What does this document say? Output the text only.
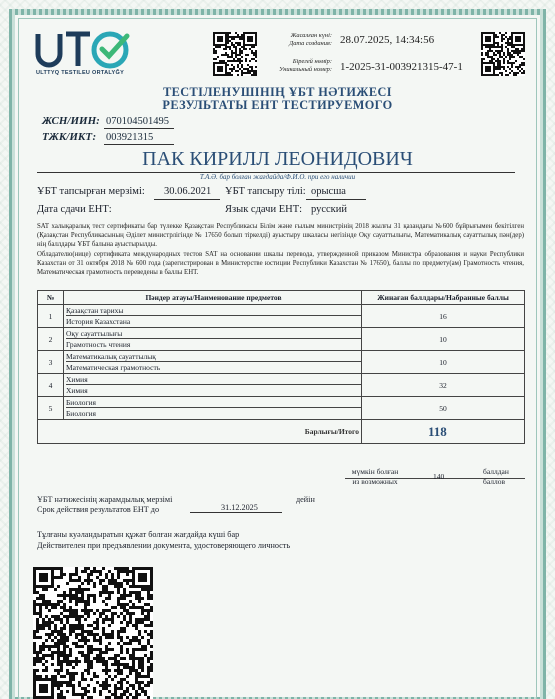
ULTTYQ TESTILEU ORTALYĞY
Жасалған күні:
Дата создания: 28.07.2025, 14:34:56
Бірегей нөмір:
Уникальный номер: 1-2025-31-003921315-47-1
ТЕСТІЛЕНУШІНІҢ ҰБТ НӘТИЖЕСІ
РЕЗУЛЬТАТЫ ЕНТ ТЕСТИРУЕМОГО
ЖСН/ИИН: 070104501495
ТЖК/ИКТ: 003921315
ПАК КИРИЛЛ ЛЕОНИДОВИЧ
Т.А.Ә. бар болған жағдайда/Ф.И.О. при его наличии
ҰБТ тапсырған мерзімі: 30.06.2021 ҰБТ тапсыру тілі: орысша
Дата сдачи ЕНТ:	Язык сдачи ЕНТ: русский
SAT халықаралық тест сертификаты бар түлекке Қазақстан Республикасы Білім және ғылым министрінің 2018 жылғы 31 қазандағы №600 бұйрығымен бекітілген (Қазақстан Республикасының Әділет министрлігінде № 17650 болып тіркелді) ауыстыру шкаласы негізінде Оқу сауаттылығы, Математикалық сауаттылық пән(дер) нің баллдары ҰБТ балына ауыстырылды.
Обладателю(нице) сертификата международных тестов SAT на основании шкалы перевода, утвержденной приказом Министра образования и науки Республики Казахстан от 31 октября 2018 № 600 года (зарегистрирован в Министерстве юстиции Республики Казахстан № 17650), баллы по предмету(ам) Грамотность чтения, Математическая грамотность переведены в баллы ЕНТ.
№	Пәндер атауы/Наименование предметов	Жинаған баллдары/Набранные баллы
1	Қазақстан тарихы
История Казахстана	16
2	Оқу сауаттылығы
Грамотность чтения	10
3	Математикалық сауаттылық
Математическая грамотность	10
4	Химия
Химия	32
5	Биология
Биология	50
Барлығы/Итого		118
мүмкін болған
из возможных	140
баллдан
баллов
ҰБТ нәтижесінің жарамдылық мерзімі
Срок действия результатов ЕНТ до	31.12.2025
дейін
Тұлғаны куәландыратын құжат болған жағдайда күші бар
Действителен при предъявлении документа, удостоверяющего личность
